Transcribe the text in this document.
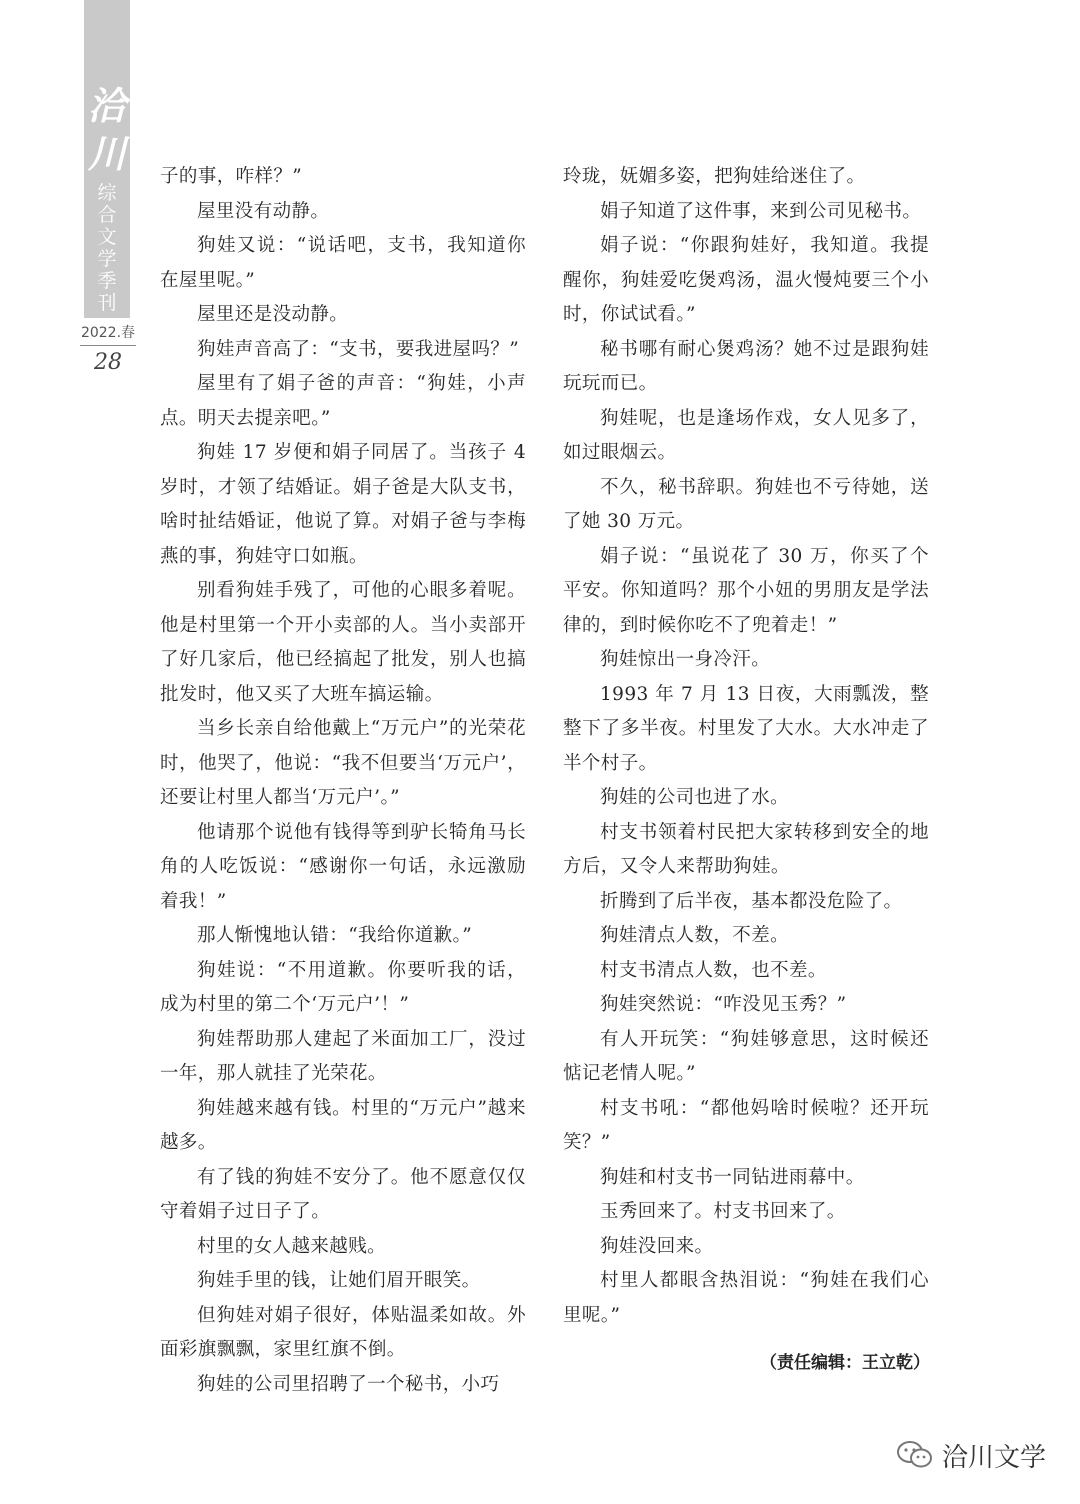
洽
川
综
合
文
学
季
刊
2022.春
28

子的事，咋样？”

屋里没有动静。

狗娃又说：“说话吧，支书，我知道你在屋里呢。”

屋里还是没动静。

狗娃声音高了：“支书，要我进屋吗？”

屋里有了娟子爸的声音：“狗娃，小声点。明天去提亲吧。”

狗娃 17 岁便和娟子同居了。当孩子 4 岁时，才领了结婚证。娟子爸是大队支书，啥时扯结婚证，他说了算。对娟子爸与李梅燕的事，狗娃守口如瓶。

别看狗娃手残了，可他的心眼多着呢。他是村里第一个开小卖部的人。当小卖部开了好几家后，他已经搞起了批发，别人也搞批发时，他又买了大班车搞运输。

当乡长亲自给他戴上“万元户”的光荣花时，他哭了，他说：“我不但要当‘万元户’，还要让村里人都当‘万元户’。”

他请那个说他有钱得等到驴长犄角马长角的人吃饭说：“感谢你一句话，永远激励着我！”

那人惭愧地认错：“我给你道歉。”

狗娃说：“不用道歉。你要听我的话，成为村里的第二个‘万元户’！”

狗娃帮助那人建起了米面加工厂，没过一年，那人就挂了光荣花。

狗娃越来越有钱。村里的“万元户”越来越多。

有了钱的狗娃不安分了。他不愿意仅仅守着娟子过日子了。

村里的女人越来越贱。

狗娃手里的钱，让她们眉开眼笑。

但狗娃对娟子很好，体贴温柔如故。外面彩旗飘飘，家里红旗不倒。

狗娃的公司里招聘了一个秘书，小巧

玲珑，妩媚多姿，把狗娃给迷住了。

娟子知道了这件事，来到公司见秘书。

娟子说：“你跟狗娃好，我知道。我提醒你，狗娃爱吃煲鸡汤，温火慢炖要三个小时，你试试看。”

秘书哪有耐心煲鸡汤？她不过是跟狗娃玩玩而已。

狗娃呢，也是逢场作戏，女人见多了，如过眼烟云。

不久，秘书辞职。狗娃也不亏待她，送了她 30 万元。

娟子说：“虽说花了 30 万，你买了个平安。你知道吗？那个小妞的男朋友是学法律的，到时候你吃不了兜着走！”

狗娃惊出一身冷汗。

1993 年 7 月 13 日夜，大雨瓢泼，整整下了多半夜。村里发了大水。大水冲走了半个村子。

狗娃的公司也进了水。

村支书领着村民把大家转移到安全的地方后，又令人来帮助狗娃。

折腾到了后半夜，基本都没危险了。

狗娃清点人数，不差。

村支书清点人数，也不差。

狗娃突然说：“咋没见玉秀？”

有人开玩笑：“狗娃够意思，这时候还惦记老情人呢。”

村支书吼：“都他妈啥时候啦？还开玩笑？”

狗娃和村支书一同钻进雨幕中。

玉秀回来了。村支书回来了。

狗娃没回来。

村里人都眼含热泪说：“狗娃在我们心里呢。”

（责任编辑：王立乾）
洽川文学
